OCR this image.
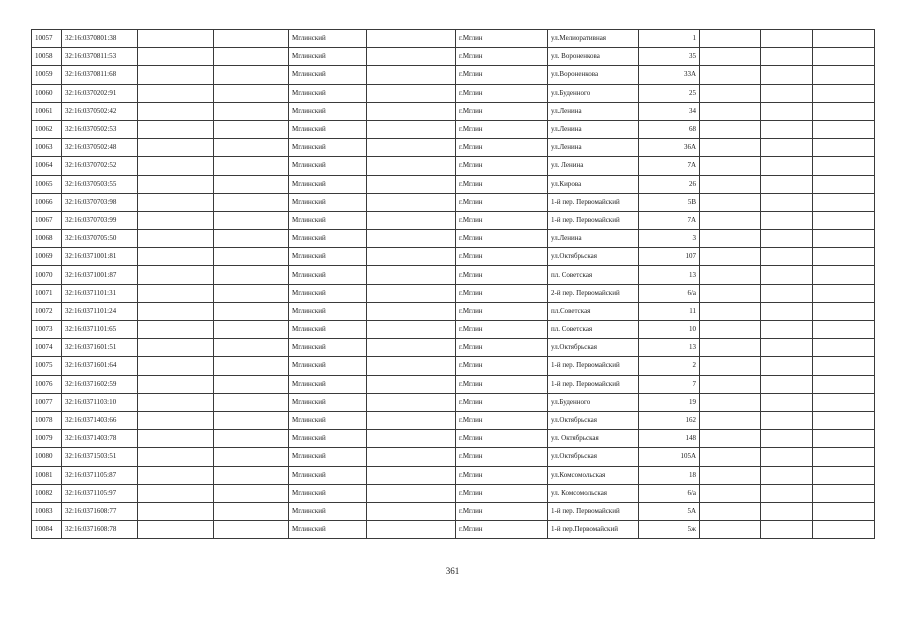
10057	32:16:0370801:38			Мглинский		г.Мглин	ул.Мелиоративная	1			
10058	32:16:0370811:53			Мглинский		г.Мглин	ул. Вороненкова	35			
10059	32:16:0370811:68			Мглинский		г.Мглин	ул.Вороненкова	33А			
10060	32:16:0370202:91			Мглинский		г.Мглин	ул.Буденного	25			
10061	32:16:0370502:42			Мглинский		г.Мглин	ул.Ленина	34			
10062	32:16:0370502:53			Мглинский		г.Мглин	ул.Ленина	68			
10063	32:16:0370502:48			Мглинский		г.Мглин	ул.Ленина	36А			
10064	32:16:0370702:52			Мглинский		г.Мглин	ул. Ленина	7А			
10065	32:16:0370503:55			Мглинский		г.Мглин	ул.Кирова	26			
10066	32:16:0370703:98			Мглинский		г.Мглин	1-й пер. Первомайский	5В			
10067	32:16:0370703:99			Мглинский		г.Мглин	1-й пер. Первомайский	7А			
10068	32:16:0370705:50			Мглинский		г.Мглин	ул.Ленина	3			
10069	32:16:0371001:81			Мглинский		г.Мглин	ул.Октябрьская	107			
10070	32:16:0371001:87			Мглинский		г.Мглин	пл. Советская	13			
10071	32:16:0371101:31			Мглинский		г.Мглин	2-й пер. Первомайский	6/а			
10072	32:16:0371101:24			Мглинский		г.Мглин	пл.Советская	11			
10073	32:16:0371101:65			Мглинский		г.Мглин	пл. Советская	10			
10074	32:16:0371601:51			Мглинский		г.Мглин	ул.Октябрьская	13			
10075	32:16:0371601:64			Мглинский		г.Мглин	1-й пер. Первомайский	2			
10076	32:16:0371602:59			Мглинский		г.Мглин	1-й пер. Первомайский	7			
10077	32:16:0371103:10			Мглинский		г.Мглин	ул.Буденного	19			
10078	32:16:0371403:66			Мглинский		г.Мглин	ул.Октябрьская	162			
10079	32:16:0371403:78			Мглинский		г.Мглин	ул. Октябрьская	148			
10080	32:16:0371503:51			Мглинский		г.Мглин	ул.Октябрьская	105А			
10081	32:16:0371105:87			Мглинский		г.Мглин	ул.Комсомольская	18			
10082	32:16:0371105:97			Мглинский		г.Мглин	ул. Комсомольская	6/а			
10083	32:16:0371608:77			Мглинский		г.Мглин	1-й пер. Первомайский	5А			
10084	32:16:0371608:78			Мглинский		г.Мглин	1-й пер.Первомайский	5ж			
361
